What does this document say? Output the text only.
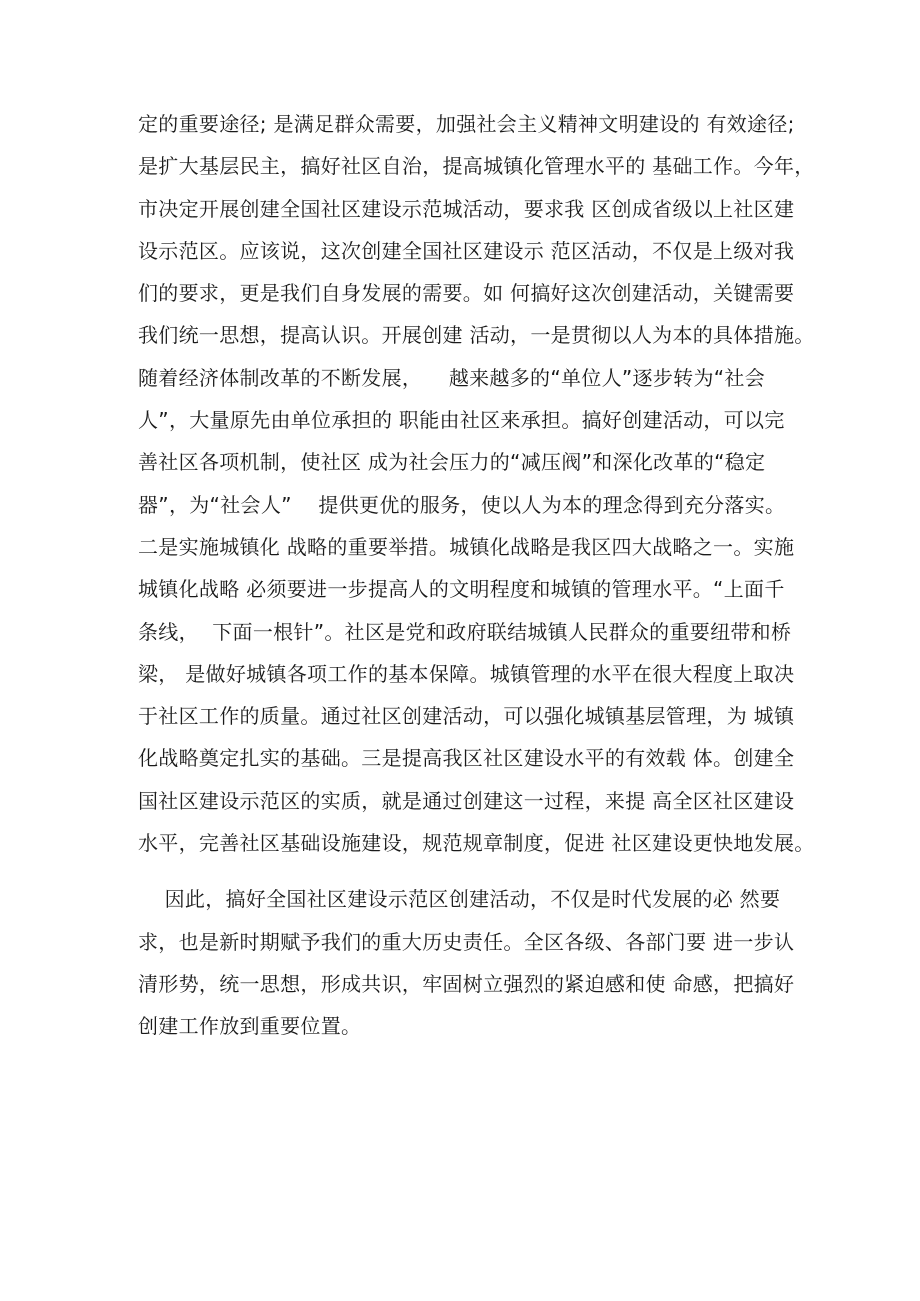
定的重要途径; 是满足群众需要，加强社会主义精神文明建设的 有效途径;
是扩大基层民主，搞好社区自治，提高城镇化管理水平的 基础工作。今年，
市决定开展创建全国社区建设示范城活动，要求我 区创成省级以上社区建
设示范区。应该说，这次创建全国社区建设示 范区活动，不仅是上级对我
们的要求，更是我们自身发展的需要。如 何搞好这次创建活动，关键需要
我们统一思想，提高认识。开展创建 活动，一是贯彻以人为本的具体措施。
随着经济体制改革的不断发展，    越来越多的“单位人”逐步转为“社会
人”，大量原先由单位承担的 职能由社区来承担。搞好创建活动，可以完
善社区各项机制，使社区 成为社会压力的“减压阀”和深化改革的“稳定
器”，为“社会人”    提供更优的服务，使以人为本的理念得到充分落实。
二是实施城镇化 战略的重要举措。城镇化战略是我区四大战略之一。实施
城镇化战略 必须要进一步提高人的文明程度和城镇的管理水平。“上面千
条线，  下面一根针”。社区是党和政府联结城镇人民群众的重要纽带和桥
梁， 是做好城镇各项工作的基本保障。城镇管理的水平在很大程度上取决
于社区工作的质量。通过社区创建活动，可以强化城镇基层管理，为 城镇
化战略奠定扎实的基础。三是提高我区社区建设水平的有效载 体。创建全
国社区建设示范区的实质，就是通过创建这一过程，来提 高全区社区建设
水平，完善社区基础设施建设，规范规章制度，促进 社区建设更快地发展。
因此，搞好全国社区建设示范区创建活动，不仅是时代发展的必 然要
求，也是新时期赋予我们的重大历史责任。全区各级、各部门要 进一步认
清形势，统一思想，形成共识，牢固树立强烈的紧迫感和使 命感，把搞好
创建工作放到重要位置。
